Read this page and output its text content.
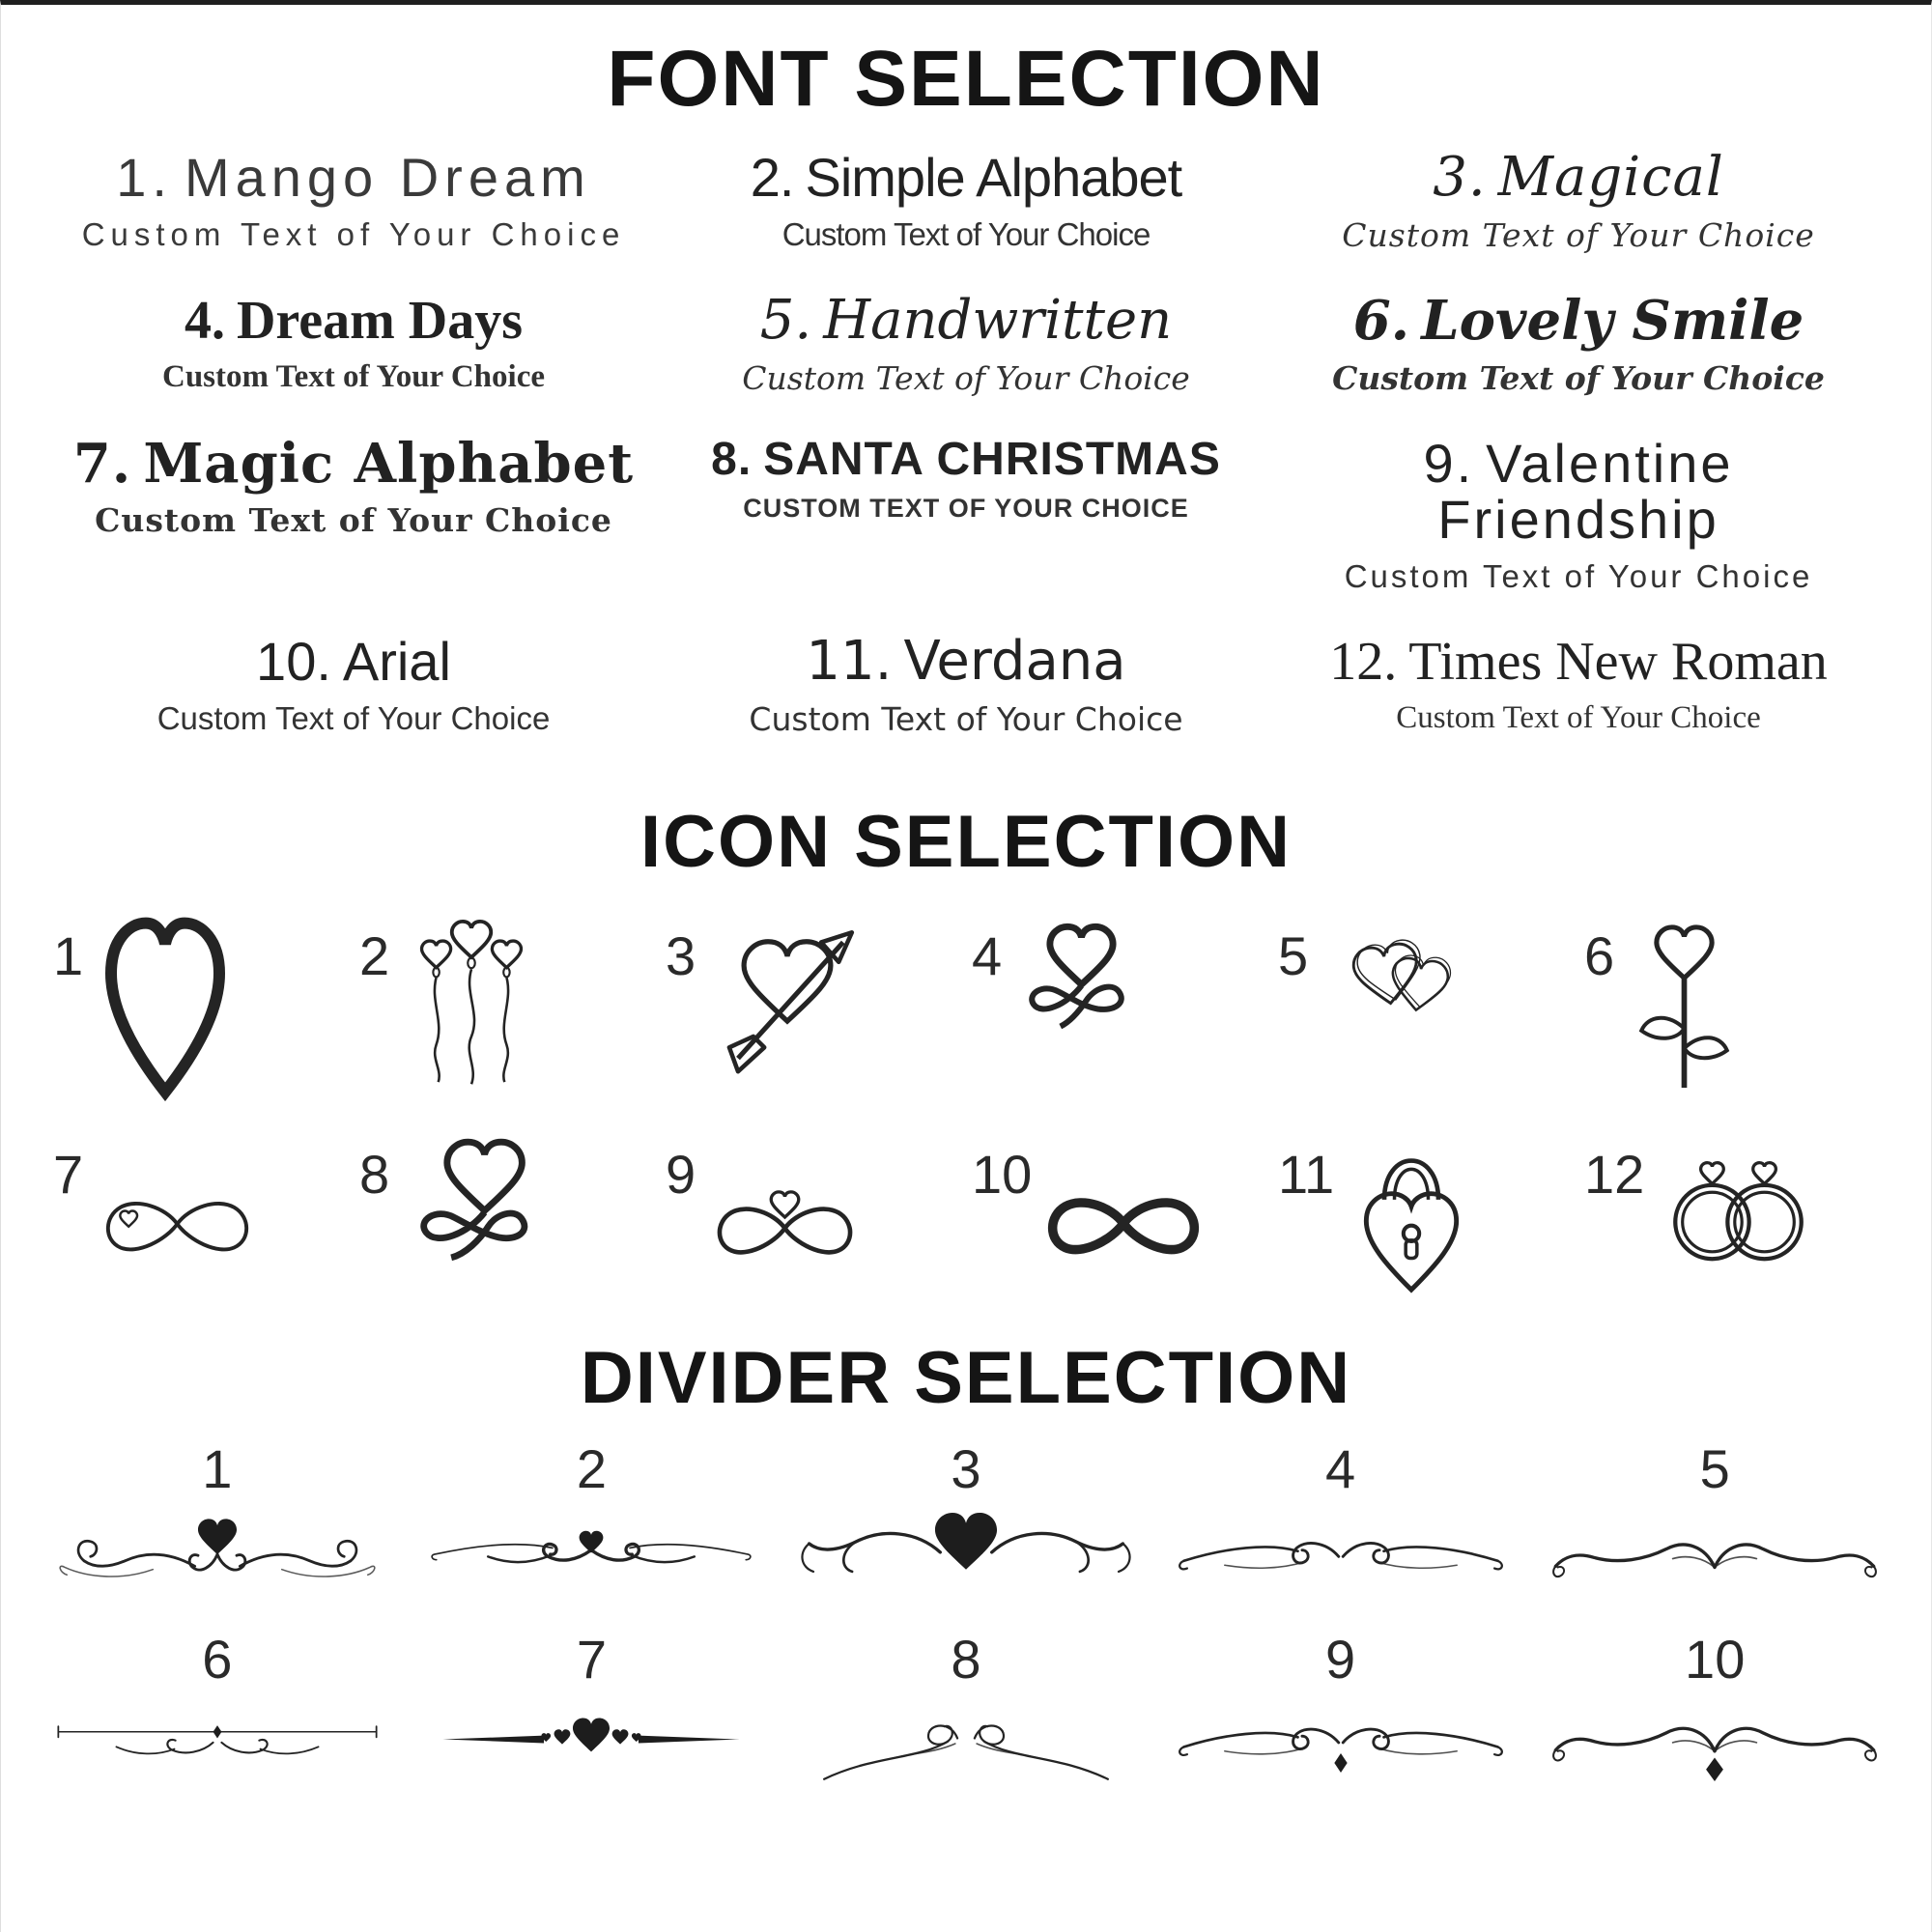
FONT SELECTION
1. Mango Dream
Custom Text of Your Choice
2. Simple Alphabet
Custom Text of Your Choice
3. Magical
Custom Text of Your Choice
4. Dream Days
Custom Text of Your Choice
5. Handwritten
Custom Text of Your Choice
6. Lovely Smile
Custom Text of Your Choice
7. Magic Alphabet
Custom Text of Your Choice
8. SANTA CHRISTMAS
CUSTOM TEXT OF YOUR CHOICE
9. Valentine Friendship
Custom Text of Your Choice
10. Arial
Custom Text of Your Choice
11. Verdana
Custom Text of Your Choice
12. Times New Roman
Custom Text of Your Choice
ICON SELECTION
1	2	3	4	5	6
7	8	9	10	11	12
DIVIDER SELECTION
1	2	3	4	5
6	7	8	9	10
